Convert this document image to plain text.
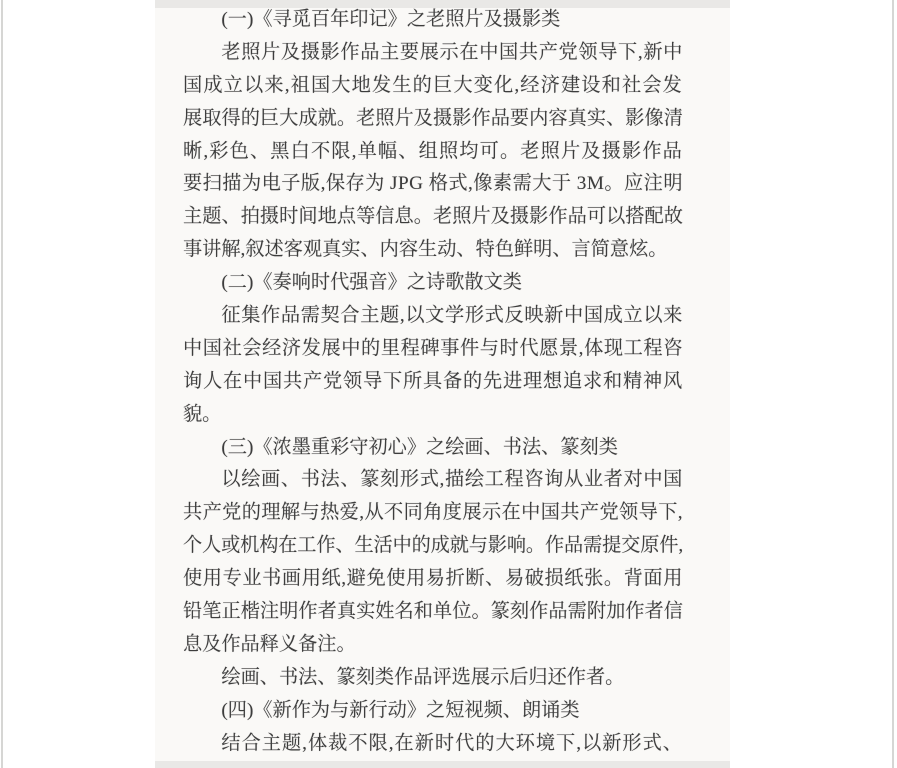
(一)《寻觅百年印记》之老照片及摄影类
老照片及摄影作品主要展示在中国共产党领导下,新中
国成立以来,祖国大地发生的巨大变化,经济建设和社会发
展取得的巨大成就。老照片及摄影作品要内容真实、影像清
晰,彩色、黑白不限,单幅、组照均可。老照片及摄影作品
要扫描为电子版,保存为 JPG 格式,像素需大于 3M。应注明
主题、拍摄时间地点等信息。老照片及摄影作品可以搭配故
事讲解,叙述客观真实、内容生动、特色鲜明、言简意炫。
(二)《奏响时代强音》之诗歌散文类
征集作品需契合主题,以文学形式反映新中国成立以来
中国社会经济发展中的里程碑事件与时代愿景,体现工程咨
询人在中国共产党领导下所具备的先进理想追求和精神风
貌。
(三)《浓墨重彩守初心》之绘画、书法、篆刻类
以绘画、书法、篆刻形式,描绘工程咨询从业者对中国
共产党的理解与热爱,从不同角度展示在中国共产党领导下,
个人或机构在工作、生活中的成就与影响。作品需提交原件,
使用专业书画用纸,避免使用易折断、易破损纸张。背面用
铅笔正楷注明作者真实姓名和单位。篆刻作品需附加作者信
息及作品释义备注。
绘画、书法、篆刻类作品评选展示后归还作者。
(四)《新作为与新行动》之短视频、朗诵类
结合主题,体裁不限,在新时代的大环境下,以新形式、
